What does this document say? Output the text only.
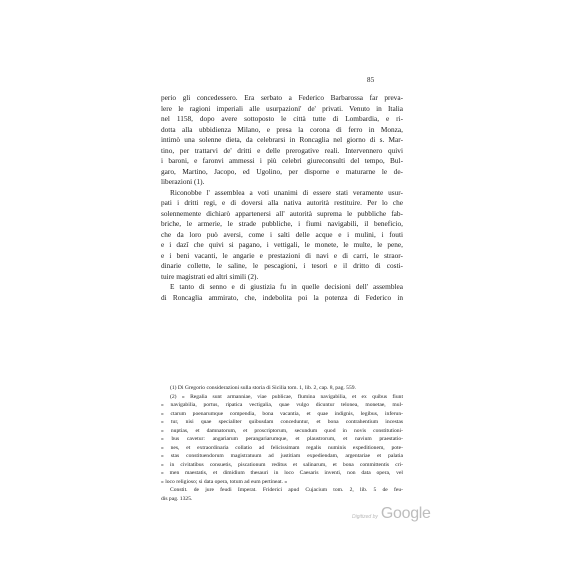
85
perio gli concedessero. Era serbato a Federico Barbarossa far preva-
lere le ragioni imperiali alle usurpazioni' de' privati. Venuto in Italia
nel 1158, dopo avere sottoposto le città tutte di Lombardia, e ri-
dotta alla ubbidienza Milano, e presa la corona di ferro in Monza,
intimò una solenne dieta, da celebrarsi in Roncaglia nel giorno di s. Mar-
tino, per trattarvi de' dritti e delle prerogative reali. Intervennero quivi
i baroni, e faronvi ammessi i più celebri giureconsulti del tempo, Bul-
garo, Martino, Jacopo, ed Ugolino, per disporne e maturarne le de-
liberazioni (1).
Riconobbe l' assemblea a voti unanimi di essere stati veramente usur-
pati i dritti regi, e di doversi alla nativa autorità restituire. Per lo che
solennemente dichiarò appartenersi all' autorità suprema le pubbliche fab-
briche, le armerie, le strade pubbliche, i fiumi navigabili, il beneficio,
che da loro può aversi, come i salti delle acque e i mulini, i fouti
e i dazî che quivi si pagano, i vettigali, le monete, le multe, le pene,
e i beni vacanti, le angarie e prestazioni di navi e di carri, le straor-
dinarie collette, le saline, le pescagioni, i tesori e il dritto di costi-
tuire magistrati ed altri simili (2).
E tanto di senno e di giustizia fu in quelle decisioni dell' assemblea
di Roncaglia ammirato, che, indebolita poi la potenza di Federico in
(1) Di Gregorio considerazioni sulla storia di Sicilia tom. 1, lib. 2, cap. 8, pag. 559.
(2) « Regalia sunt armanniae, viae publicae, flumina navigabilia, et ex quibus fiunt
» navigabilia, portus, ripatica vectigalia, quae vulgo dicuntur telonea, monetae, mul-
» ctarum poenarumque compendia, bona vacantia, et quae indignis, legibus, inferun-
» tur, nisi quae specialiter quibusdam conceduntur, et bona contrahentium incestas
» nuptias, et damnatorum, et proscriptorum, secundum quod in novis constitutioni-
» bus cavetur: angariarum perangariarumque, et plaustrorum, et navium praestatio-
» nes, et extraordinaria collatio ad felicissimam regalis numinis expeditionem, pote-
» stas constituendorum magistratuum ad justitiam expediendam, argentariae et palatia
» in civitatibus consuetis, piscationum reditus et salinarum, et bona committentis cri-
» men maestatis, et dimidium thesauri in loco Caesaris inventi, non data opera, vel
» loco religioso; si data opera, totum ad eum pertineat. »
Constit. de jure feudi Imperat. Friderici apud Cujacium tom. 2, lib. 5 de feu-
dis pag. 1325.
Digitized by Google
